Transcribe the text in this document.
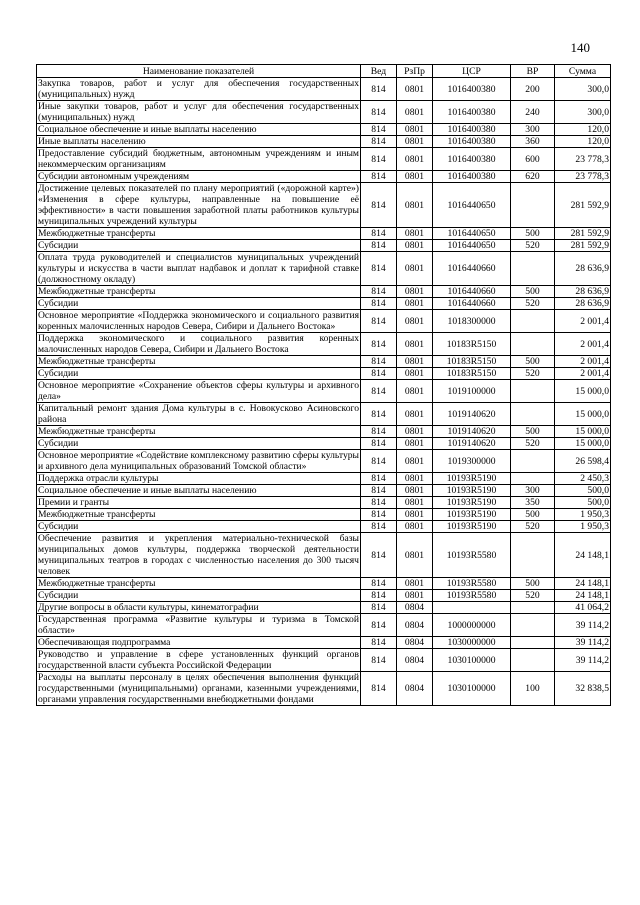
140
Наименование показателей	Вед	РзПр	ЦСР	ВР	Сумма
Закупка товаров, работ и услуг для обеспечения государственных (муниципальных) нужд	814	0801	1016400380	200	300,0
Иные закупки товаров, работ и услуг для обеспечения государственных (муниципальных) нужд	814	0801	1016400380	240	300,0
Социальное обеспечение и иные выплаты населению	814	0801	1016400380	300	120,0
Иные выплаты населению	814	0801	1016400380	360	120,0
Предоставление субсидий бюджетным, автономным учреждениям и иным некоммерческим организациям	814	0801	1016400380	600	23 778,3
Субсидии автономным учреждениям	814	0801	1016400380	620	23 778,3
Достижение целевых показателей по плану мероприятий («дорожной карте») «Изменения в сфере культуры, направленные на повышение её эффективности» в части повышения заработной платы работников культуры муниципальных учреждений культуры	814	0801	1016440650		281 592,9
Межбюджетные трансферты	814	0801	1016440650	500	281 592,9
Субсидии	814	0801	1016440650	520	281 592,9
Оплата труда руководителей и специалистов муниципальных учреждений культуры и искусства в части выплат надбавок и доплат к тарифной ставке (должностному окладу)	814	0801	1016440660		28 636,9
Межбюджетные трансферты	814	0801	1016440660	500	28 636,9
Субсидии	814	0801	1016440660	520	28 636,9
Основное мероприятие «Поддержка экономического и социального развития коренных малочисленных народов Севера, Сибири и Дальнего Востока»	814	0801	1018300000		2 001,4
Поддержка экономического и социального развития коренных малочисленных народов Севера, Сибири и Дальнего Востока	814	0801	10183R5150		2 001,4
Межбюджетные трансферты	814	0801	10183R5150	500	2 001,4
Субсидии	814	0801	10183R5150	520	2 001,4
Основное мероприятие «Сохранение объектов сферы культуры и архивного дела»	814	0801	1019100000		15 000,0
Капитальный ремонт здания Дома культуры в с. Новокусково Асиновского района	814	0801	1019140620		15 000,0
Межбюджетные трансферты	814	0801	1019140620	500	15 000,0
Субсидии	814	0801	1019140620	520	15 000,0
Основное мероприятие «Содействие комплексному развитию сферы культуры и архивного дела муниципальных образований Томской области»	814	0801	1019300000		26 598,4
Поддержка отрасли культуры	814	0801	10193R5190		2 450,3
Социальное обеспечение и иные выплаты населению	814	0801	10193R5190	300	500,0
Премии и гранты	814	0801	10193R5190	350	500,0
Межбюджетные трансферты	814	0801	10193R5190	500	1 950,3
Субсидии	814	0801	10193R5190	520	1 950,3
Обеспечение развития и укрепления материально-технической базы муниципальных домов культуры, поддержка творческой деятельности муниципальных театров в городах с численностью населения до 300 тысяч человек	814	0801	10193R5580		24 148,1
Межбюджетные трансферты	814	0801	10193R5580	500	24 148,1
Субсидии	814	0801	10193R5580	520	24 148,1
Другие вопросы в области культуры, кинематографии	814	0804			41 064,2
Государственная программа «Развитие культуры и туризма в Томской области»	814	0804	1000000000		39 114,2
Обеспечивающая подпрограмма	814	0804	1030000000		39 114,2
Руководство и управление в сфере установленных функций органов государственной власти субъекта Российской Федерации	814	0804	1030100000		39 114,2
Расходы на выплаты персоналу в целях обеспечения выполнения функций государственными (муниципальными) органами, казенными учреждениями, органами управления государственными внебюджетными фондами	814	0804	1030100000	100	32 838,5
